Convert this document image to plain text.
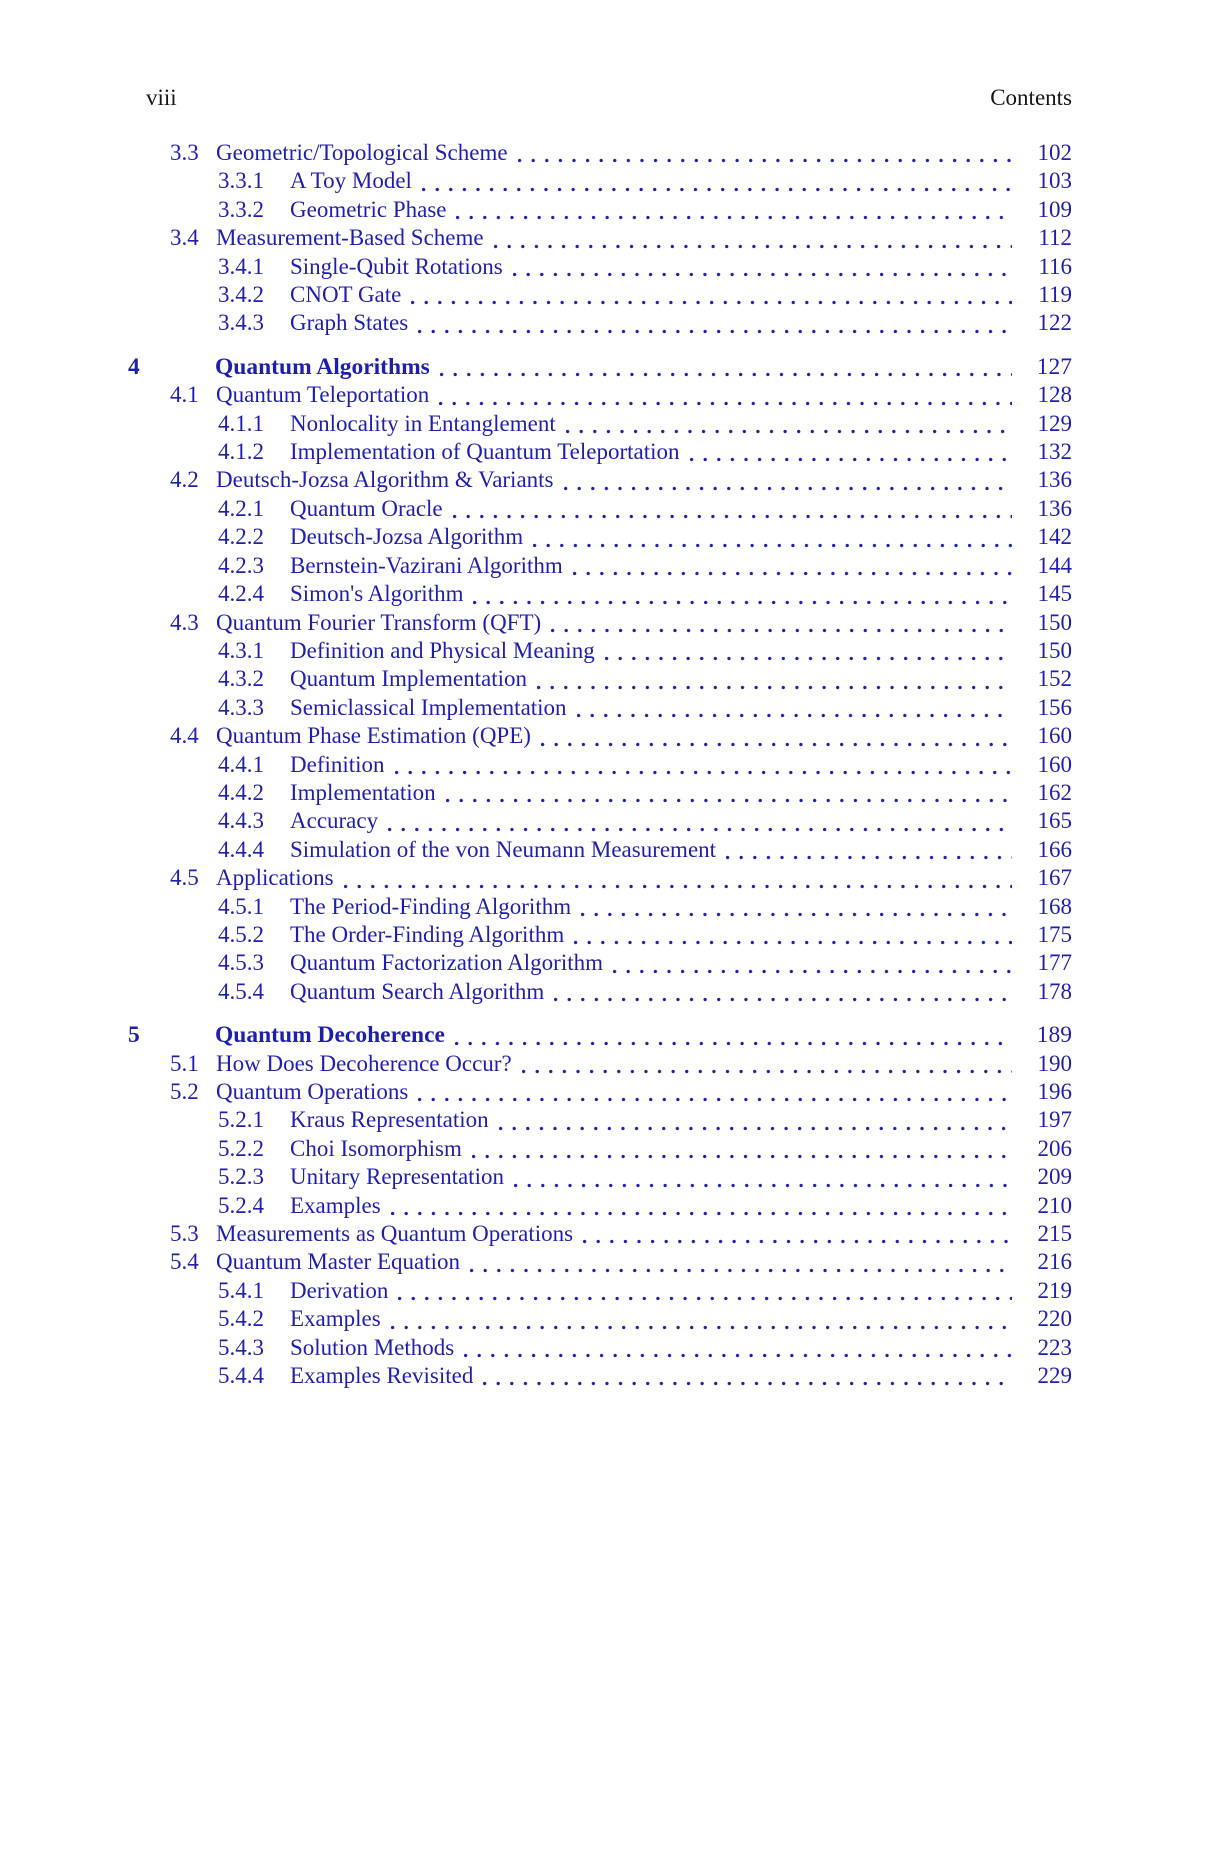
viii	Contents
3.3 Geometric/Topological Scheme	102
3.3.1	A Toy Model	103
3.3.2	Geometric Phase	109
3.4 Measurement-Based Scheme	112
3.4.1	Single-Qubit Rotations	116
3.4.2	CNOT Gate	119
3.4.3	Graph States	122
4	Quantum Algorithms	127
4.1 Quantum Teleportation	128
4.1.1	Nonlocality in Entanglement	129
4.1.2	Implementation of Quantum Teleportation	132
4.2 Deutsch-Jozsa Algorithm & Variants	136
4.2.1	Quantum Oracle	136
4.2.2	Deutsch-Jozsa Algorithm	142
4.2.3	Bernstein-Vazirani Algorithm	144
4.2.4	Simon's Algorithm	145
4.3 Quantum Fourier Transform (QFT)	150
4.3.1	Definition and Physical Meaning	150
4.3.2	Quantum Implementation	152
4.3.3	Semiclassical Implementation	156
4.4 Quantum Phase Estimation (QPE)	160
4.4.1	Definition	160
4.4.2	Implementation	162
4.4.3	Accuracy	165
4.4.4	Simulation of the von Neumann Measurement	166
4.5 Applications	167
4.5.1	The Period-Finding Algorithm	168
4.5.2	The Order-Finding Algorithm	175
4.5.3	Quantum Factorization Algorithm	177
4.5.4	Quantum Search Algorithm	178
5	Quantum Decoherence	189
5.1 How Does Decoherence Occur?	190
5.2 Quantum Operations	196
5.2.1	Kraus Representation	197
5.2.2	Choi Isomorphism	206
5.2.3	Unitary Representation	209
5.2.4	Examples	210
5.3 Measurements as Quantum Operations	215
5.4 Quantum Master Equation	216
5.4.1	Derivation	219
5.4.2	Examples	220
5.4.3	Solution Methods	223
5.4.4	Examples Revisited	229
